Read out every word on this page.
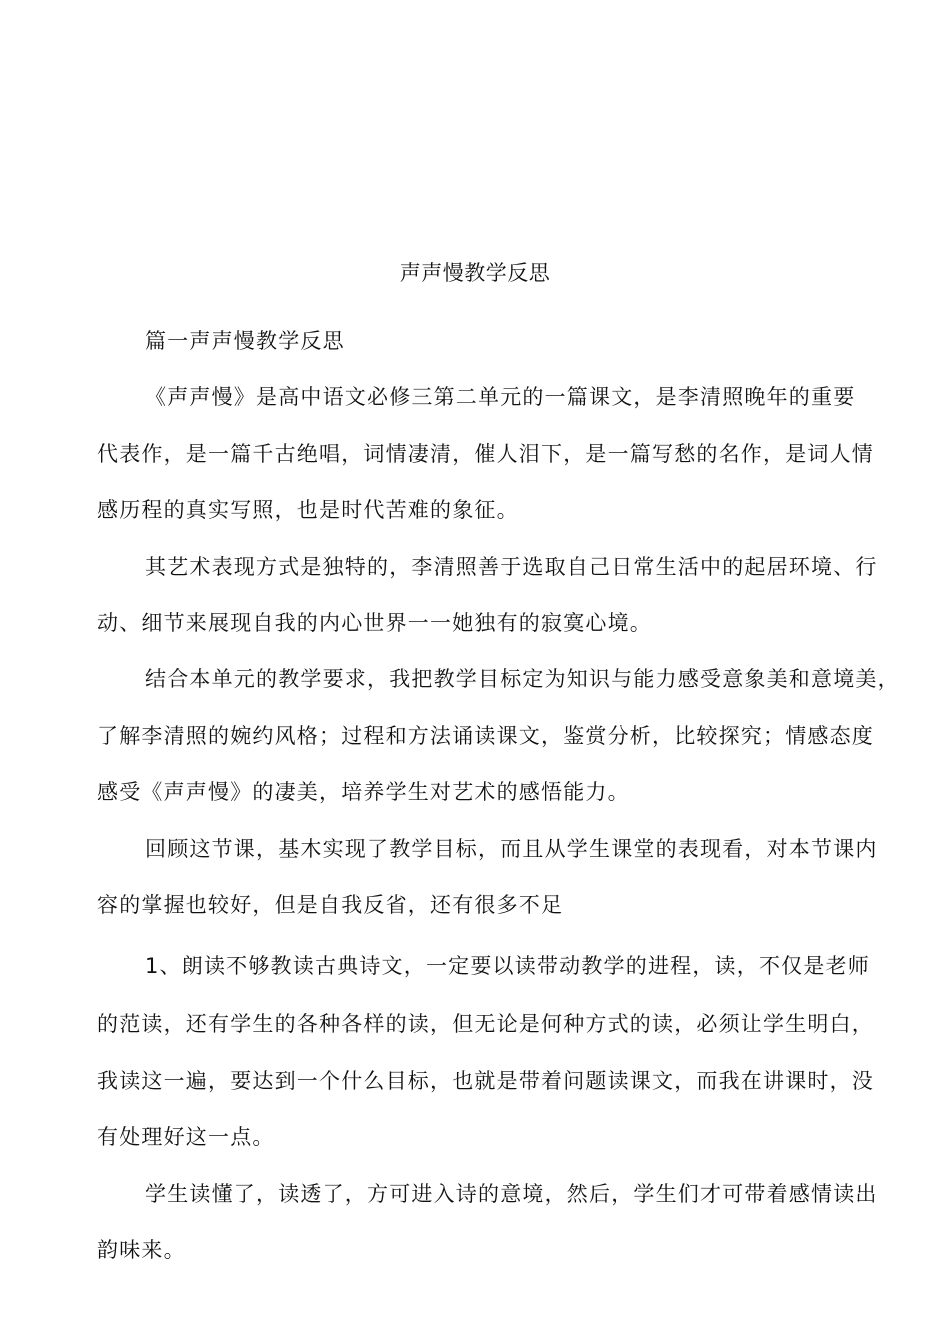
声声慢教学反思
篇一声声慢教学反思
《声声慢》是高中语文必修三第二单元的一篇课文，是李清照晚年的重要
代表作，是一篇千古绝唱，词情凄清，催人泪下，是一篇写愁的名作，是词人情
感历程的真实写照，也是时代苦难的象征。
其艺术表现方式是独特的，李清照善于选取自己日常生活中的起居环境、行
动、细节来展现自我的内心世界一一她独有的寂寞心境。
结合本单元的教学要求，我把教学目标定为知识与能力感受意象美和意境美，
了解李清照的婉约风格；过程和方法诵读课文，鉴赏分析，比较探究；情感态度
感受《声声慢》的凄美，培养学生对艺术的感悟能力。
回顾这节课，基木实现了教学目标，而且从学生课堂的表现看，对本节课内
容的掌握也较好，但是自我反省，还有很多不足
1、朗读不够教读古典诗文，一定要以读带动教学的进程，读，不仅是老师
的范读，还有学生的各种各样的读，但无论是何种方式的读，必须让学生明白，
我读这一遍，要达到一个什么目标，也就是带着问题读课文，而我在讲课时，没
有处理好这一点。
学生读懂了，读透了，方可进入诗的意境，然后，学生们才可带着感情读出
韵味来。
